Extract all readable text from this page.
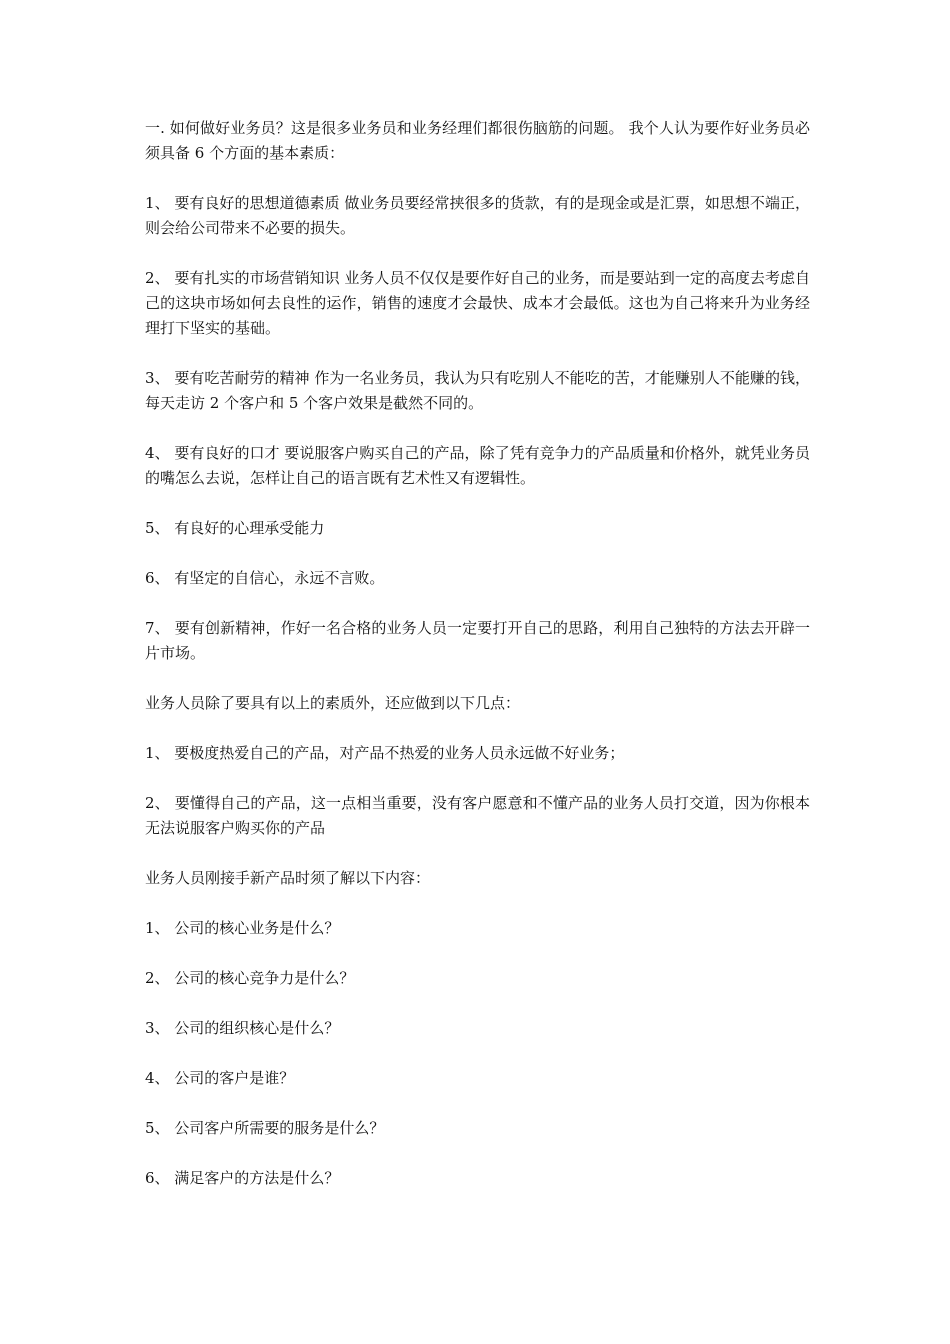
一. 如何做好业务员？这是很多业务员和业务经理们都很伤脑筋的问题。 我个人认为要作好业务员必须具备 6 个方面的基本素质：

1、 要有良好的思想道德素质 做业务员要经常挟很多的货款，有的是现金或是汇票，如思想不端正，则会给公司带来不必要的损失。

2、 要有扎实的市场营销知识 业务人员不仅仅是要作好自己的业务，而是要站到一定的高度去考虑自己的这块市场如何去良性的运作，销售的速度才会最快、成本才会最低。这也为自己将来升为业务经理打下坚实的基础。

3、 要有吃苦耐劳的精神 作为一名业务员，我认为只有吃别人不能吃的苦，才能赚别人不能赚的钱，每天走访 2 个客户和 5 个客户效果是截然不同的。

4、 要有良好的口才 要说服客户购买自己的产品，除了凭有竞争力的产品质量和价格外，就凭业务员的嘴怎么去说，怎样让自己的语言既有艺术性又有逻辑性。

5、 有良好的心理承受能力

6、 有坚定的自信心，永远不言败。

7、 要有创新精神，作好一名合格的业务人员一定要打开自己的思路，利用自己独特的方法去开辟一片市场。

业务人员除了要具有以上的素质外，还应做到以下几点：

1、 要极度热爱自己的产品，对产品不热爱的业务人员永远做不好业务；

2、 要懂得自己的产品，这一点相当重要，没有客户愿意和不懂产品的业务人员打交道，因为你根本无法说服客户购买你的产品

业务人员刚接手新产品时须了解以下内容：

1、 公司的核心业务是什么？

2、 公司的核心竞争力是什么？

3、 公司的组织核心是什么？

4、 公司的客户是谁？

5、 公司客户所需要的服务是什么？

6、 满足客户的方法是什么？
